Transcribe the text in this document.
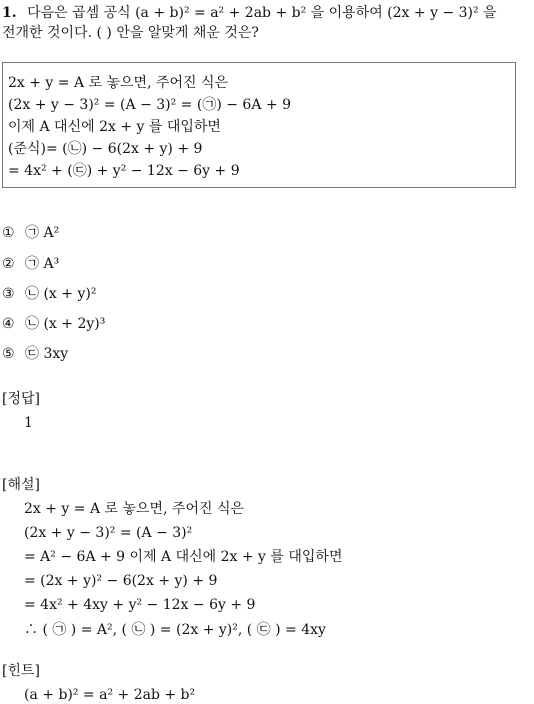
1. 다음은 곱셈 공식 (a + b)² = a² + 2ab + b² 을 이용하여 (2x + y − 3)² 을
전개한 것이다. ( ) 안을 알맞게 채운 것은?
2x + y = A 로 놓으면, 주어진 식은
(2x + y − 3)² = (A − 3)² = (㉠) − 6A + 9
이제 A 대신에 2x + y 를 대입하면
(준식)= (㉡) − 6(2x + y) + 9
= 4x² + (㉢) + y² − 12x − 6y + 9
① ㉠ A²
② ㉠ A³
③ ㉡ (x + y)²
④ ㉡ (x + 2y)³
⑤ ㉢ 3xy
[정답]
1
[해설]
2x + y = A 로 놓으면, 주어진 식은
(2x + y − 3)² = (A − 3)²
= A² − 6A + 9 이제 A 대신에 2x + y 를 대입하면
= (2x + y)² − 6(2x + y) + 9
= 4x² + 4xy + y² − 12x − 6y + 9
∴ ( ㉠ ) = A², ( ㉡ ) = (2x + y)², ( ㉢ ) = 4xy
[힌트]
(a + b)² = a² + 2ab + b²
